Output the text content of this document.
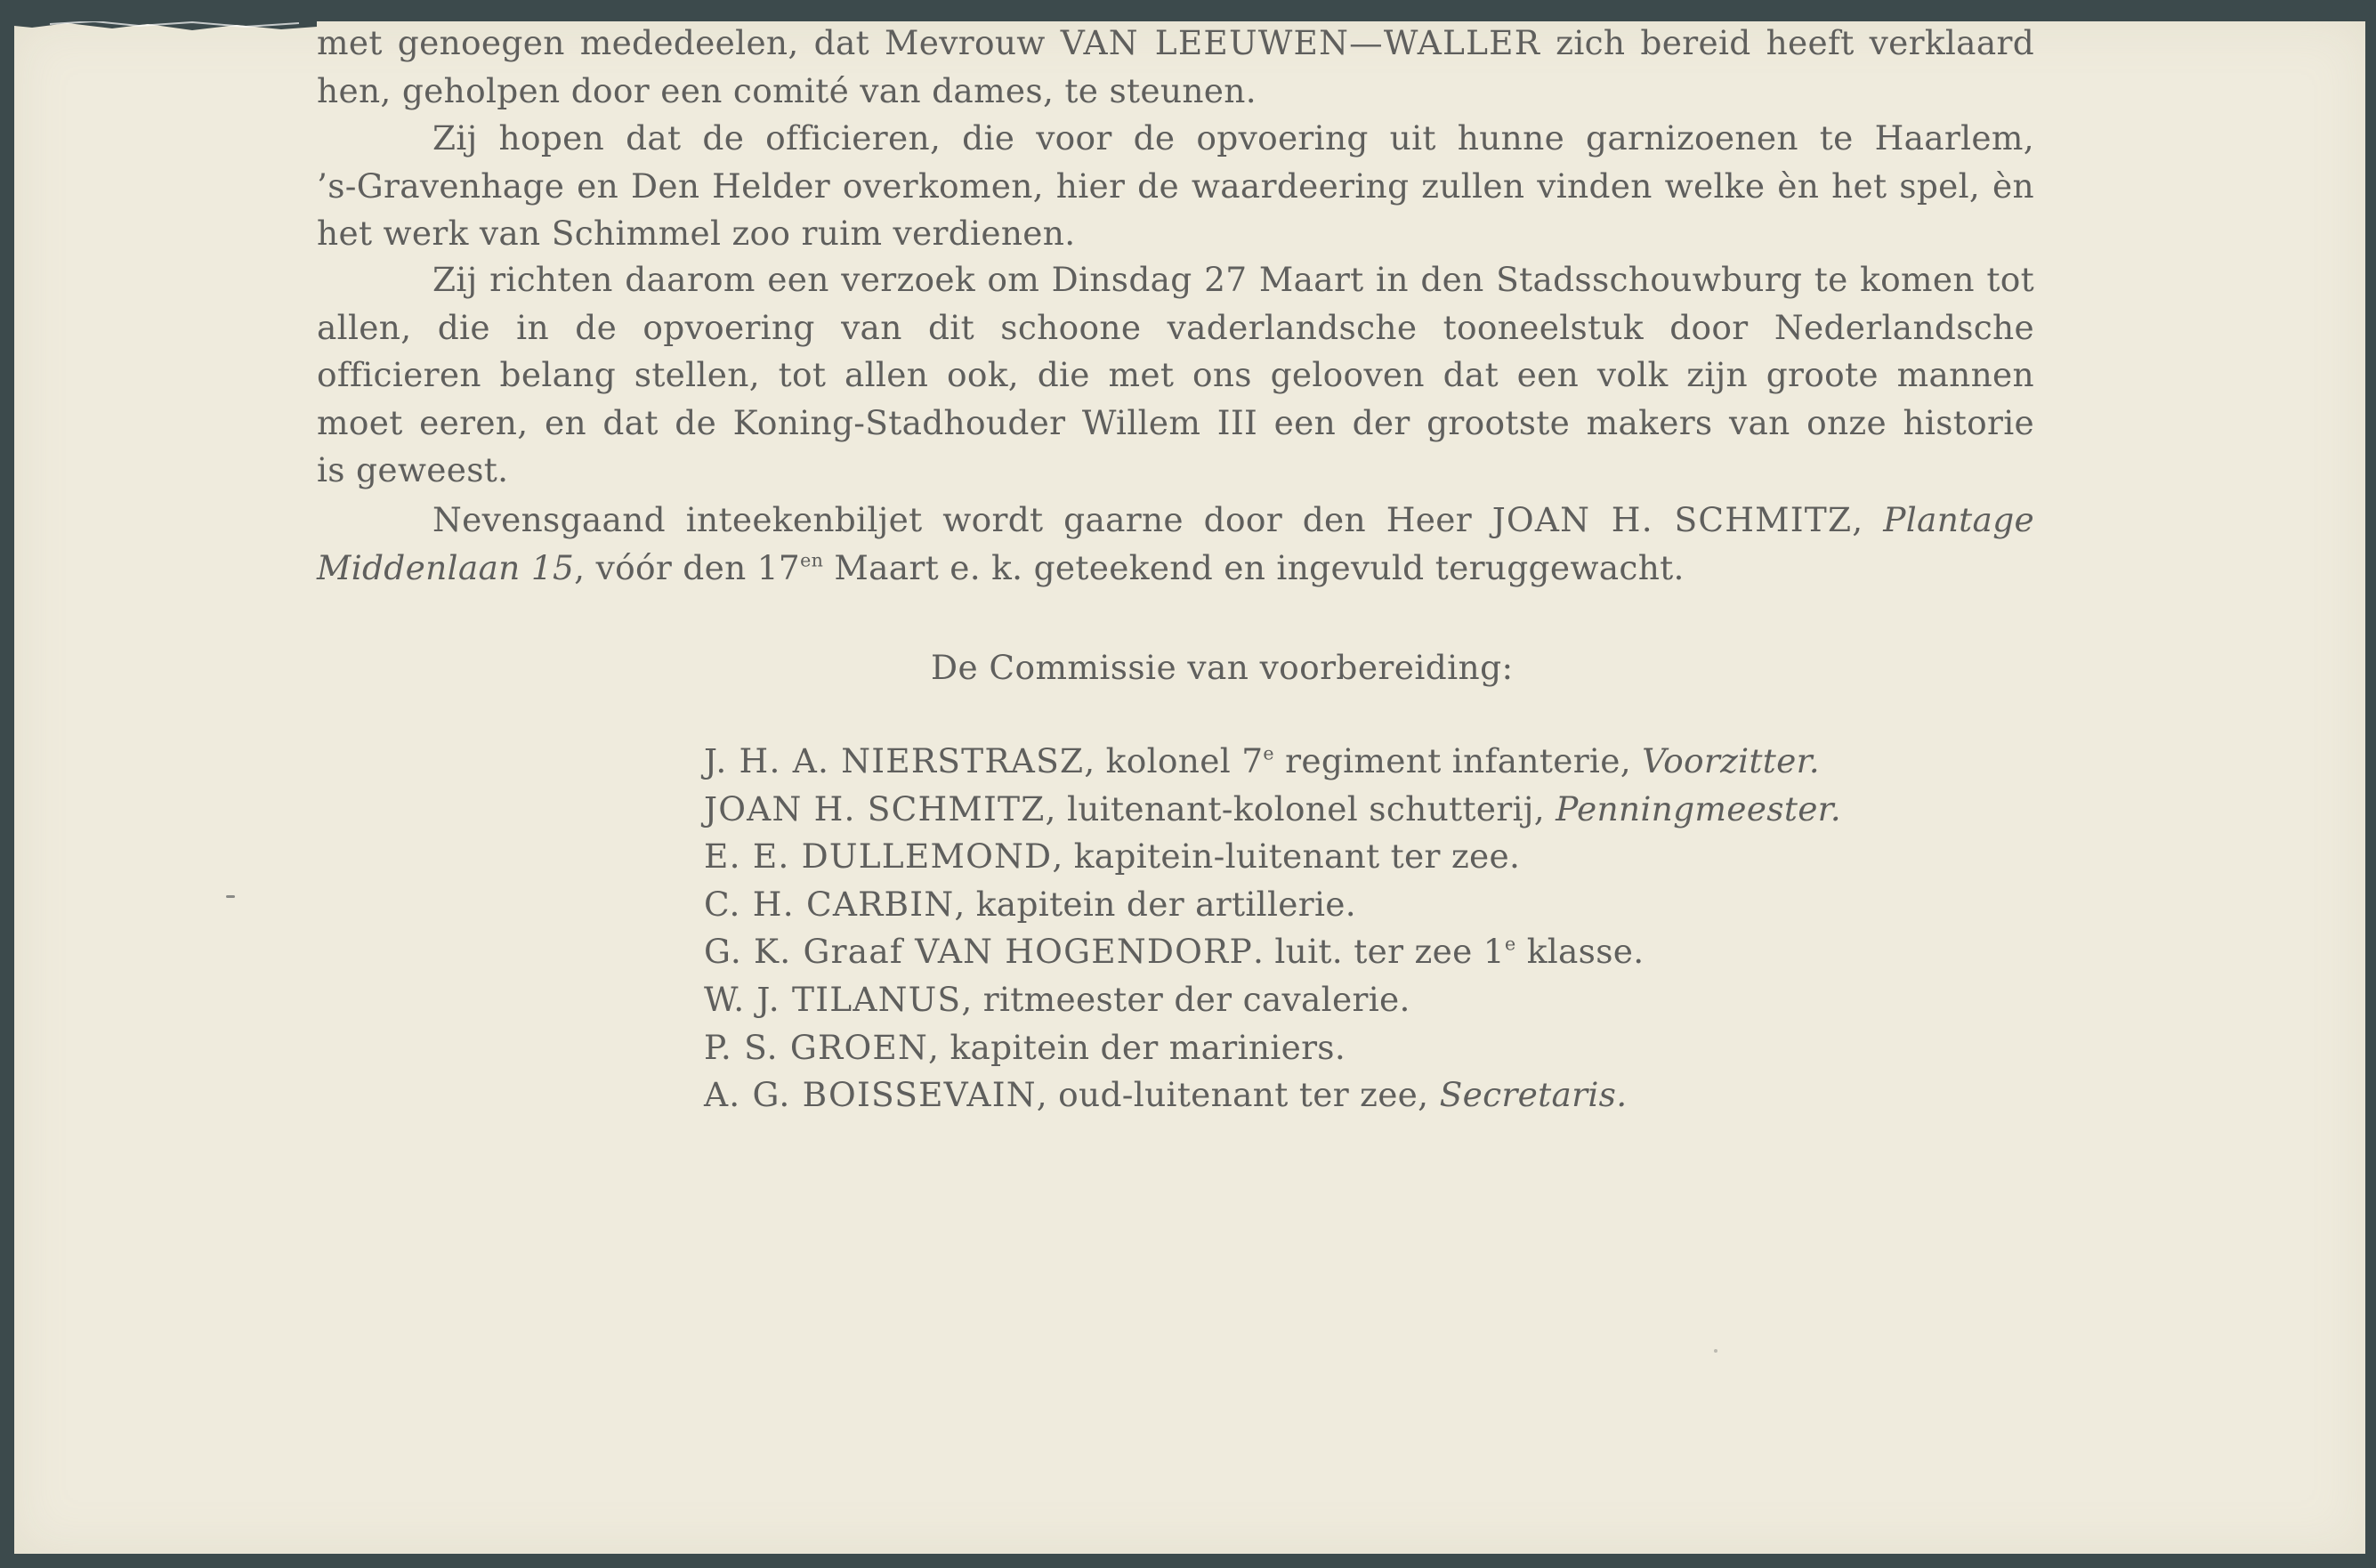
met genoegen mededeelen, dat Mevrouw VAN LEEUWEN—WALLER zich bereid heeft verklaard
hen, geholpen door een comité van dames, te steunen.

Zij hopen dat de officieren, die voor de opvoering uit hunne garnizoenen te Haarlem,
’s-Gravenhage en Den Helder overkomen, hier de waardeering zullen vinden welke èn het spel, èn
het werk van Schimmel zoo ruim verdienen.

Zij richten daarom een verzoek om Dinsdag 27 Maart in den Stadsschouwburg te komen tot
allen, die in de opvoering van dit schoone vaderlandsche tooneelstuk door Nederlandsche
officieren belang stellen, tot allen ook, die met ons gelooven dat een volk zijn groote mannen
moet eeren, en dat de Koning-Stadhouder Willem III een der grootste makers van onze historie
is geweest.

Nevensgaand inteekenbiljet wordt gaarne door den Heer JOAN H. SCHMITZ, Plantage
Middenlaan 15, vóór den $17^{en}$ Maart e. k. geteekend en ingevuld teruggewacht.

De Commissie van voorbereiding:
J. H. A. NIERSTRASZ, kolonel 7e regiment infanterie, Voorzitter.
JOAN H. SCHMITZ, luitenant-kolonel schutterij, Penningmeester.
E. E. DULLEMOND, kapitein-luitenant ter zee.
C. H. CARBIN, kapitein der artillerie.
G. K. Graaf VAN HOGENDORP. luit. ter zee 1e klasse.
W. J. TILANUS, ritmeester der cavalerie.
P. S. GROEN, kapitein der mariniers.
A. G. BOISSEVAIN, oud-luitenant ter zee, Secretaris.
